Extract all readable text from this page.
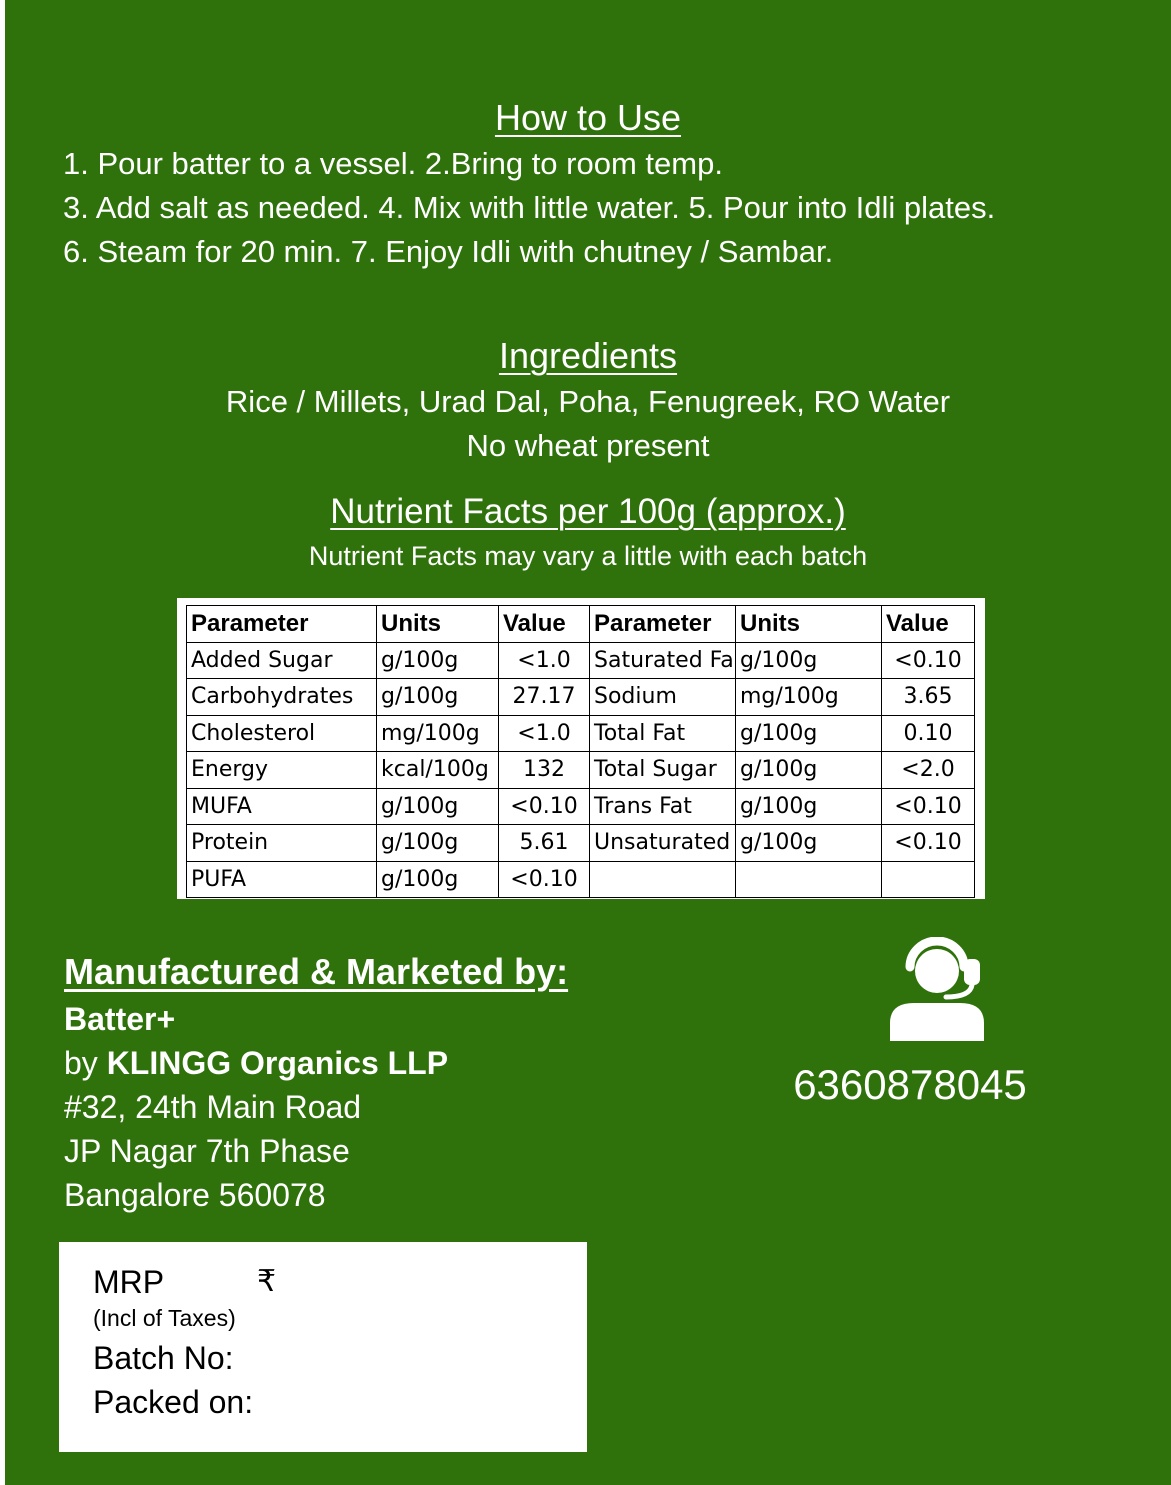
How to Use
1. Pour batter to a vessel. 2.Bring to room temp.
3. Add salt as needed. 4. Mix with little water. 5. Pour into Idli plates.
6. Steam for 20 min. 7. Enjoy Idli with chutney / Sambar.
Ingredients
Rice / Millets, Urad Dal, Poha, Fenugreek, RO Water
No wheat present
Nutrient Facts per 100g (approx.)
Nutrient Facts may vary a little with each batch
Parameter	Units	Value	Parameter	Units	Value
Added Sugar	g/100g	<1.0	Saturated Fa	g/100g	<0.10
Carbohydrates	g/100g	27.17	Sodium	mg/100g	3.65
Cholesterol	mg/100g	<1.0	Total Fat	g/100g	0.10
Energy	kcal/100g	132	Total Sugar	g/100g	<2.0
MUFA	g/100g	<0.10	Trans Fat	g/100g	<0.10
Protein	g/100g	5.61	Unsaturated	g/100g	<0.10
PUFA	g/100g	<0.10			
Manufactured & Marketed by:
Batter+
by KLINGG Organics LLP
#32, 24th Main Road
JP Nagar 7th Phase
Bangalore 560078
6360878045
MRP	₹
(Incl of Taxes)
Batch No:
Packed on:
